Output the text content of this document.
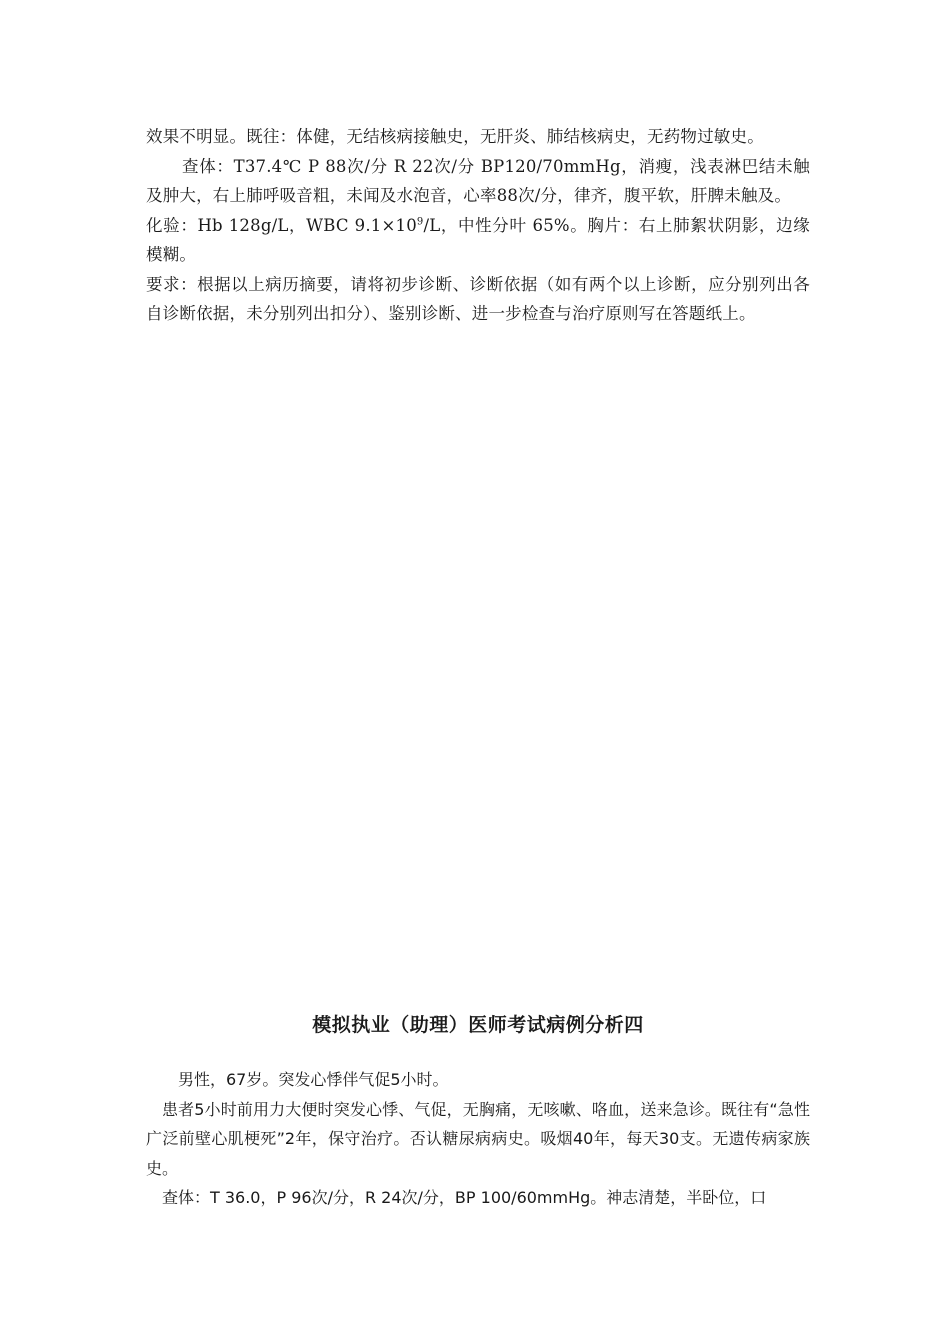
效果不明显。既往：体健，无结核病接触史，无肝炎、肺结核病史，无药物过敏史。

查体：T37.4℃ P 88次/分 R 22次/分 BP120/70mmHg，消瘦，浅表淋巴结未触及肿大，右上肺呼吸音粗，未闻及水泡音，心率88次/分，律齐，腹平软，肝脾未触及。

化验：Hb 128g/L，WBC $9.1\times 10^9/L$，中性分叶 65%。胸片：右上肺絮状阴影，边缘模糊。

要求：根据以上病历摘要，请将初步诊断、诊断依据（如有两个以上诊断，应分别列出各自诊断依据，未分别列出扣分）、鉴别诊断、进一步检查与治疗原则写在答题纸上。

模拟执业（助理）医师考试病例分析四

男性，67岁。突发心悸伴气促5小时。

患者5小时前用力大便时突发心悸、气促，无胸痛，无咳嗽、咯血，送来急诊。既往有“急性广泛前壁心肌梗死”2年，保守治疗。否认糖尿病病史。吸烟40年，每天30支。无遗传病家族史。

查体：T 36.0，P 96次/分，R 24次/分，BP 100/60mmHg。神志清楚，半卧位，口
